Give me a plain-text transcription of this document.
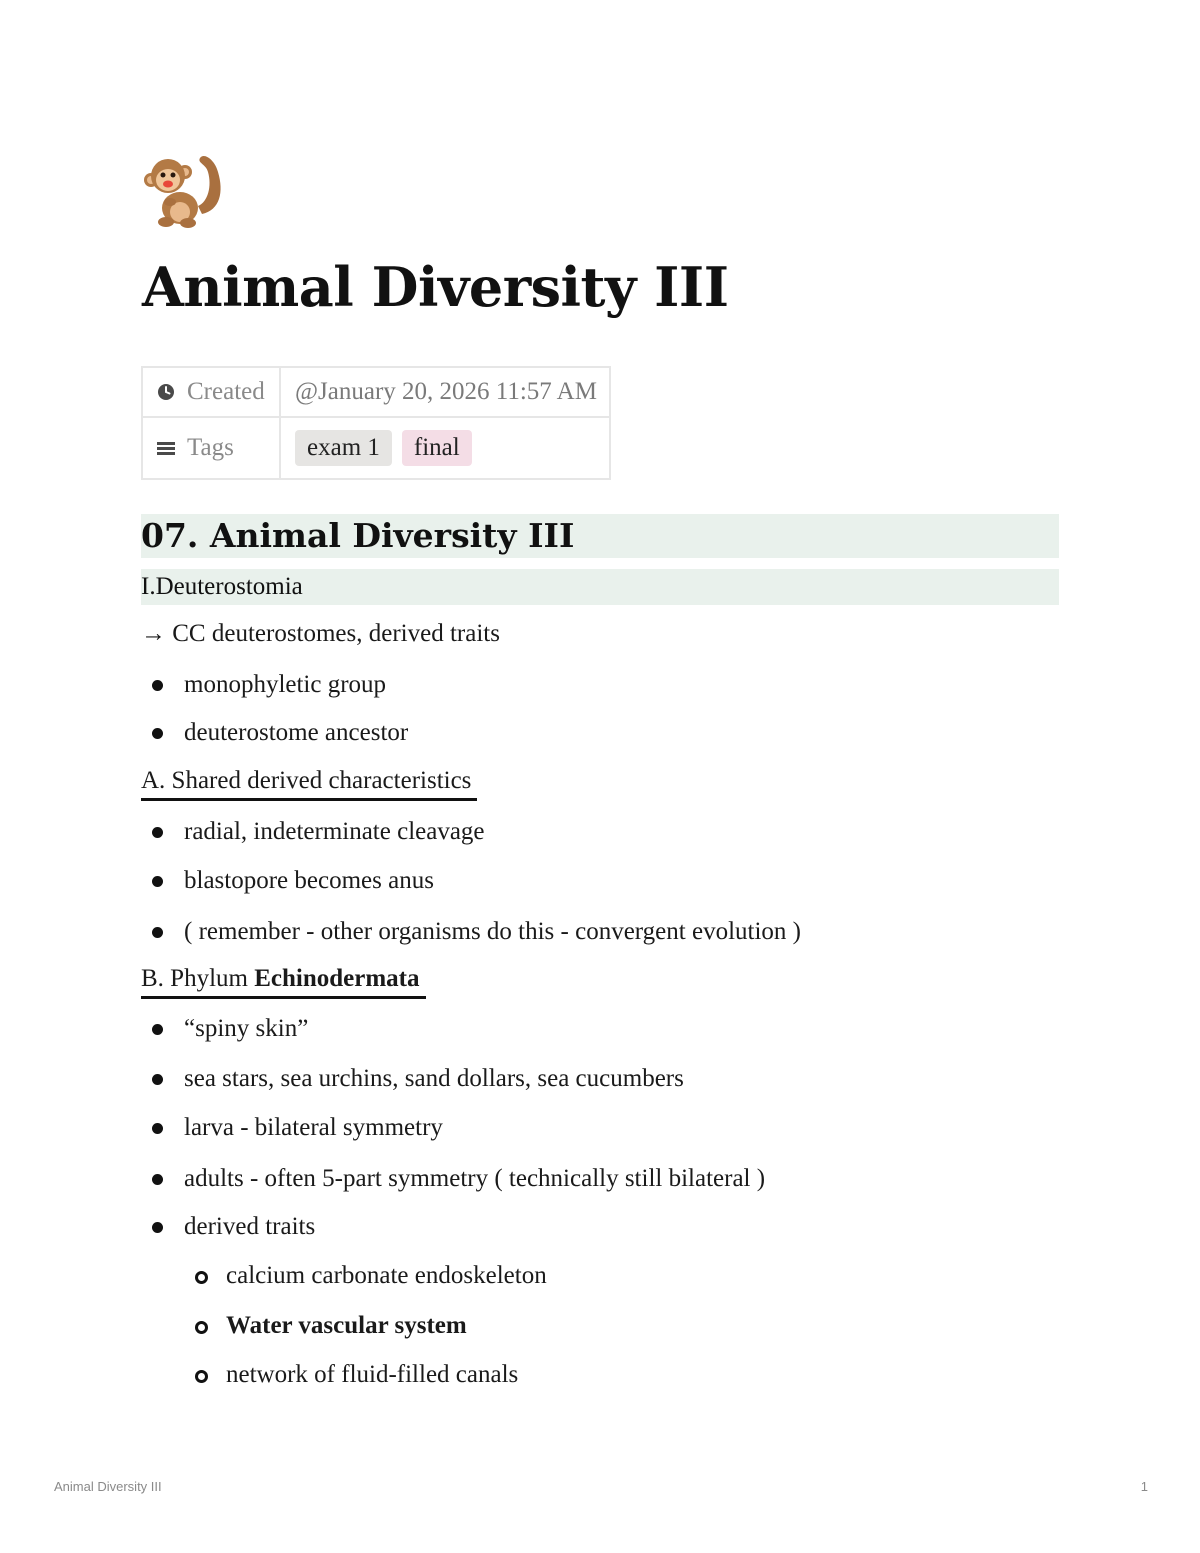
Animal Diversity III
Created	@January 20, 2026 11:57 AM

Tags	exam 1 final
07. Animal Diversity III
I.Deuterostomia
→ CC deuterostomes, derived traits
monophyletic group
deuterostome ancestor
A. Shared derived characteristics
radial, indeterminate cleavage
blastopore becomes anus
( remember - other organisms do this - convergent evolution )
B. Phylum Echinodermata
“spiny skin”
sea stars, sea urchins, sand dollars, sea cucumbers
larva - bilateral symmetry
adults - often 5-part symmetry ( technically still bilateral )
derived traits
calcium carbonate endoskeleton
Water vascular system
network of fluid-filled canals
Animal Diversity III	1
